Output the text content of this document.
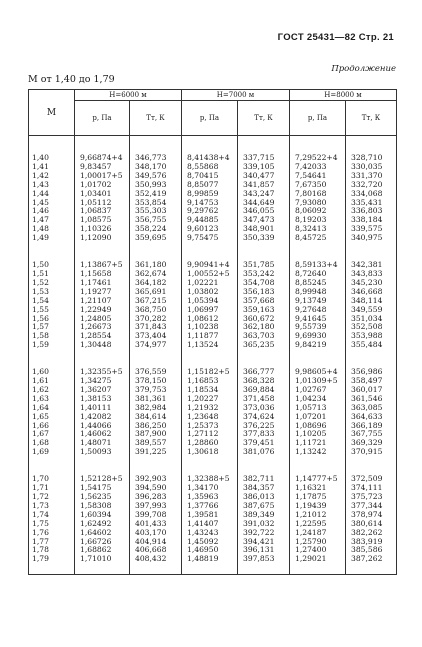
ГОСТ 25431—82 Стр. 21
Продолжение
М от 1,40 до 1,79
М	Н=6000 м		Н=7000 м		Н=8000 м	
	р, Па	Tт, К	р, Па	Tт, К	р, Па	Tт, К

1,40	9,66874+4	346,773	8,41438+4	337,715	7,29522+4	328,710
1,41	9,83457	348,170	8,55868	339,105	7,42033	330,035
1,42	1,00017+5	349,576	8,70415	340,477	7,54641	331,370
1,43	1,01702	350,993	8,85077	341,857	7,67350	332,720
1,44	1,03401	352,419	8,99859	343,247	7,80168	334,068
1,45	1,05112	353,854	9,14753	344,649	7,93080	335,431
1,46	1,06837	355,303	9,29762	346,055	8,06092	336,803
1,47	1,08575	356,755	9,44885	347,473	8,19203	338,184
1,48	1,10326	358,224	9,60123	348,901	8,32413	339,575
1,49	1,12090	359,695	9,75475	350,339	8,45725	340,975

1,50	1,13867+5	361,180	9,90941+4	351,785	8,59133+4	342,381
1,51	1,15658	362,674	1,00552+5	353,242	8,72640	343,833
1,52	1,17461	364,182	1,02221	354,708	8,85245	345,230
1,53	1,19277	365,691	1,03802	356,183	8,99948	346,668
1,54	1,21107	367,215	1,05394	357,668	9,13749	348,114
1,55	1,22949	368,750	1,06997	359,163	9,27648	349,559
1,56	1,24805	370,282	1,08612	360,672	9,41645	351,034
1,57	1,26673	371,843	1,10238	362,180	9,55739	352,508
1,58	1,28554	373,404	1,11877	363,703	9,69930	353,988
1,59	1,30448	374,977	1,13524	365,235	9,84219	355,484

1,60	1,32355+5	376,559	1,15182+5	366,777	9,98605+4	356,986
1,61	1,34275	378,150	1,16853	368,328	1,01309+5	358,497
1,62	1,36207	379,753	1,18534	369,884	1,02767	360,017
1,63	1,38153	381,361	1,20227	371,458	1,04234	361,546
1,64	1,40111	382,984	1,21932	373,036	1,05713	363,085
1,65	1,42082	384,614	1,23648	374,624	1,07201	364,633
1,66	1,44066	386,250	1,25373	376,225	1,08696	366,189
1,67	1,46062	387,900	1,27112	377,833	1,10205	367,755
1,68	1,48071	389,557	1,28860	379,451	1,11721	369,329
1,69	1,50093	391,225	1,30618	381,076	1,13242	370,915

1,70	1,52128+5	392,903	1,32388+5	382,711	1,14777+5	372,509
1,71	1,54175	394,590	1,34170	384,357	1,16321	374,111
1,72	1,56235	396,283	1,35963	386,013	1,17875	375,723
1,73	1,58308	397,993	1,37766	387,675	1,19439	377,344
1,74	1,60394	399,708	1,39581	389,349	1,21012	378,974
1,75	1,62492	401,433	1,41407	391,032	1,22595	380,614
1,76	1,64602	403,170	1,43243	392,722	1,24187	382,262
1,77	1,66726	404,914	1,45092	394,421	1,25790	383,919
1,78	1,68862	406,668	1,46950	396,131	1,27400	385,586
1,79	1,71010	408,432	1,48819	397,853	1,29021	387,262
